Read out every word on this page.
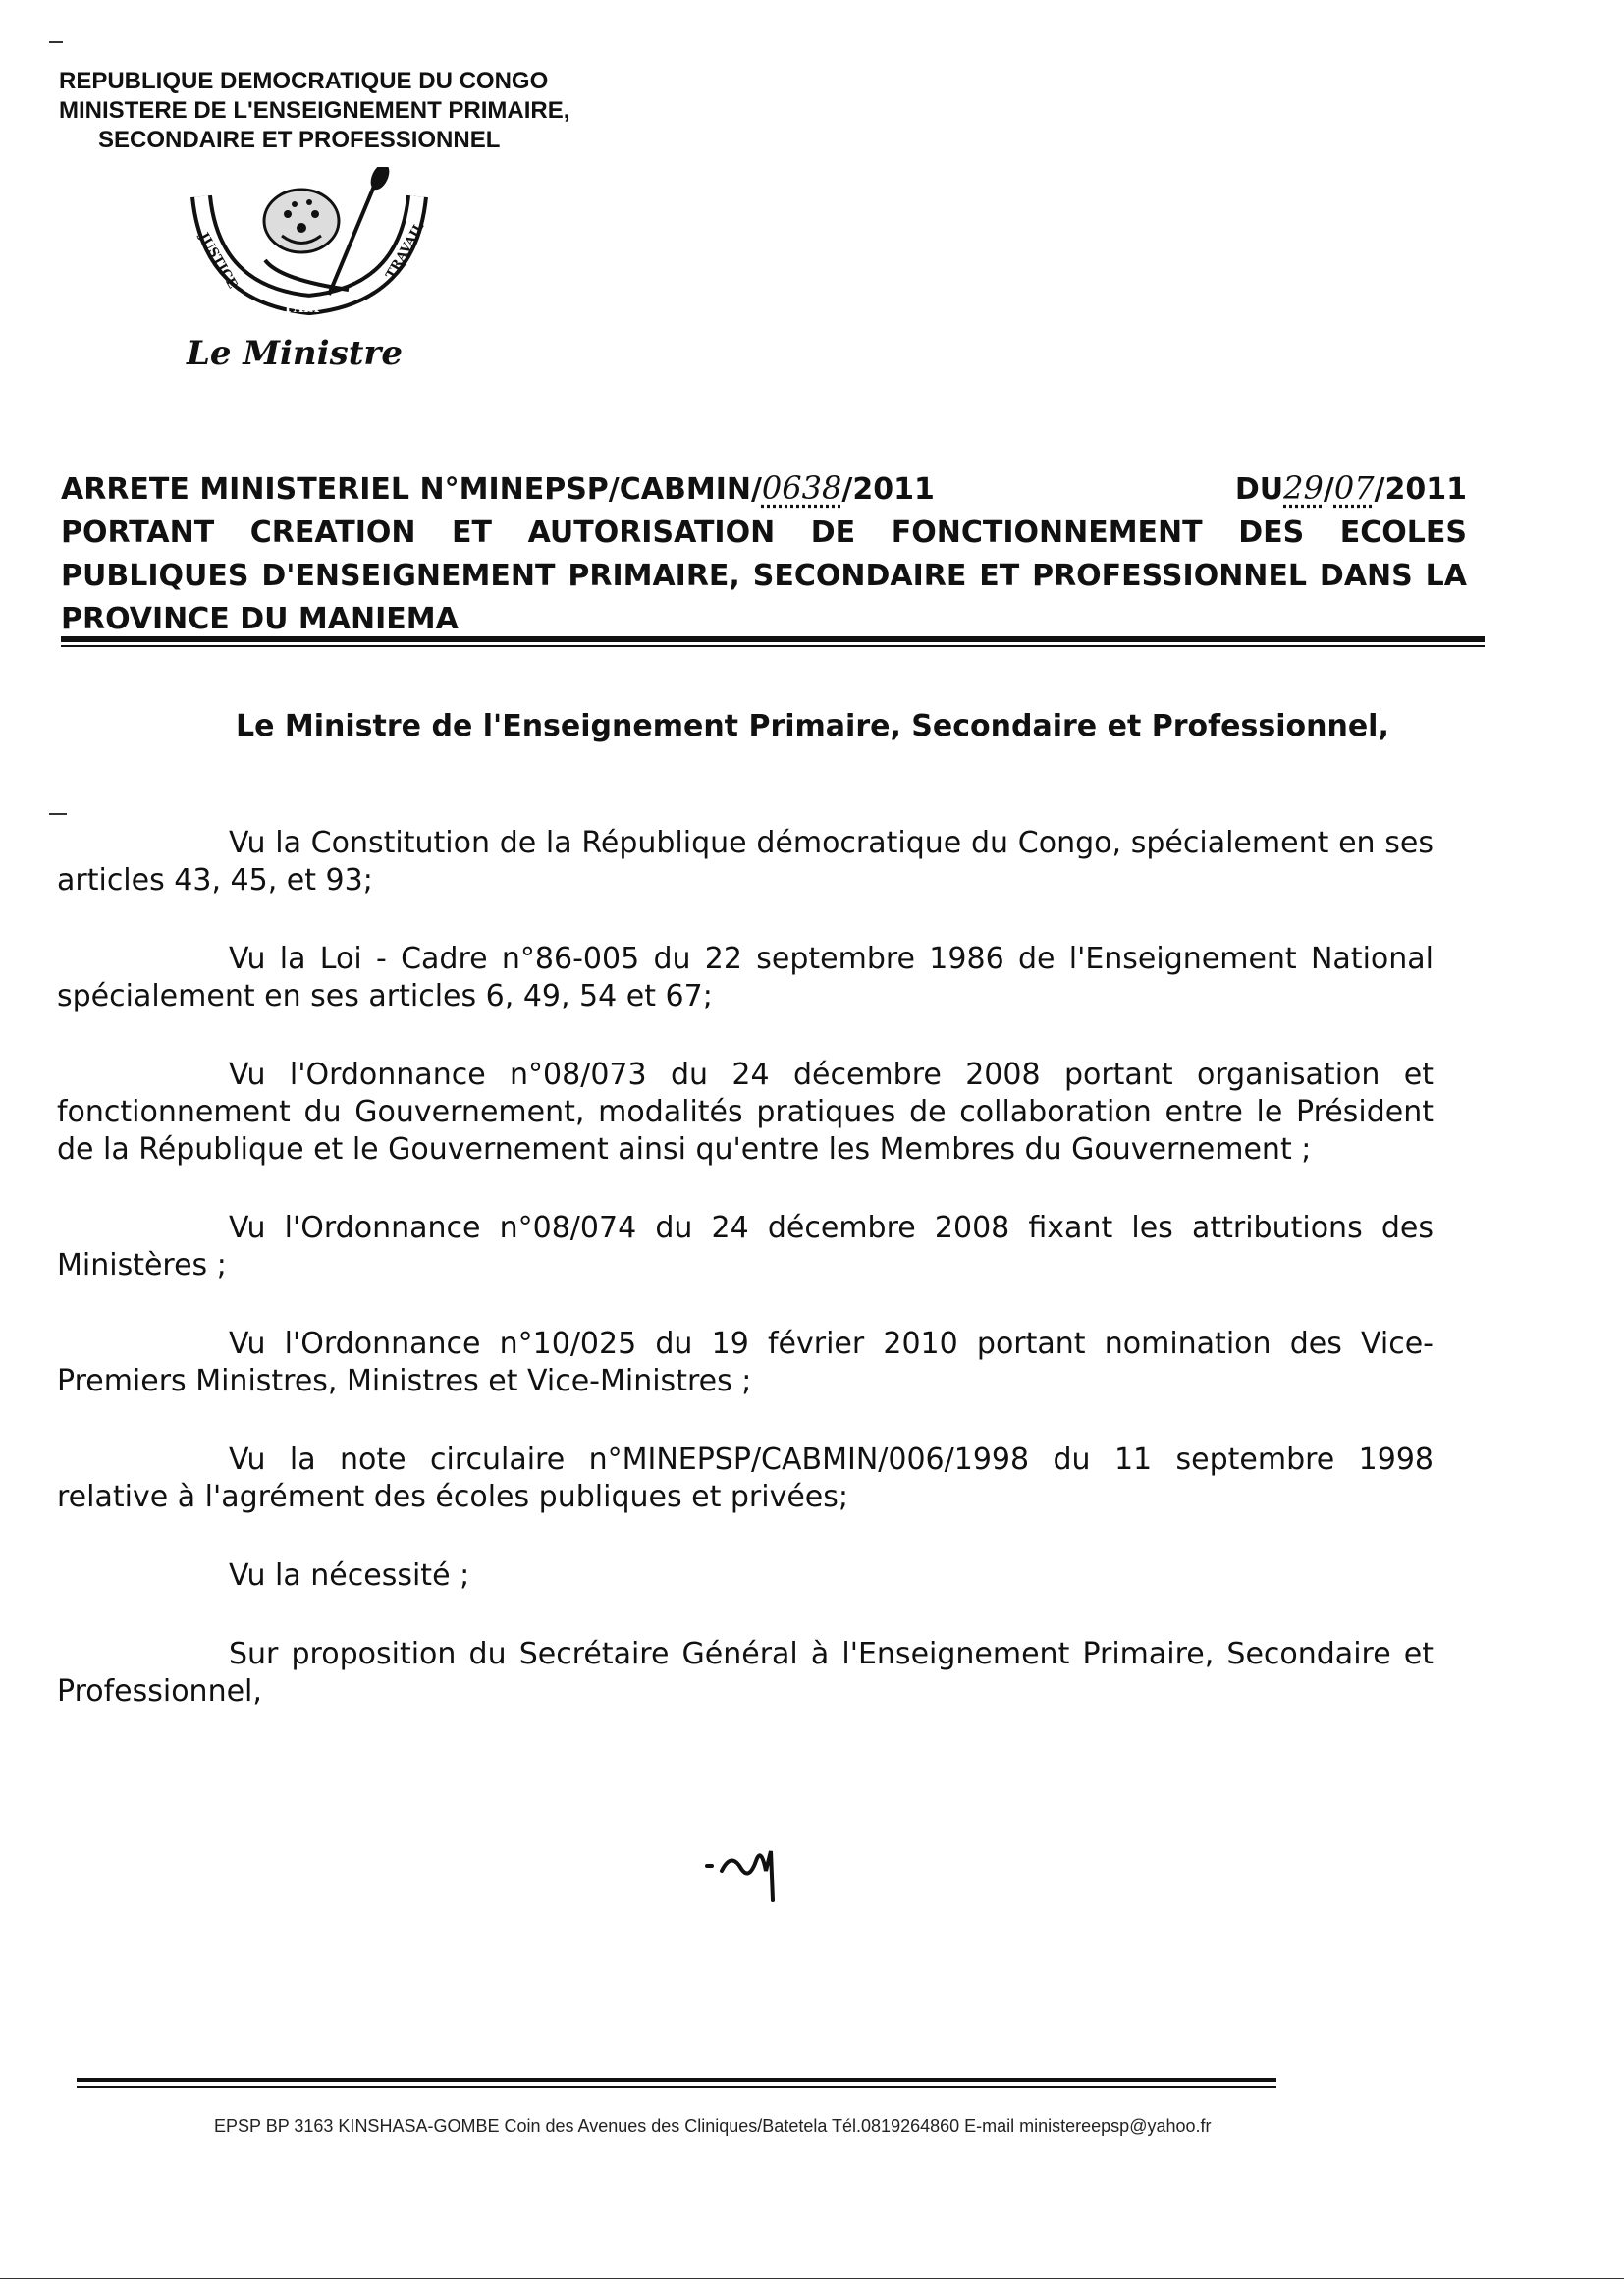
REPUBLIQUE DEMOCRATIQUE DU CONGO
MINISTERE DE L'ENSEIGNEMENT PRIMAIRE,
SECONDAIRE ET PROFESSIONNEL
JUSTICE
PAIX
TRAVAIL
Le Ministre
ARRETE MINISTERIEL N°MINEPSP/CABMIN/0638/2011	DU29/07/2011
PORTANT CREATION ET AUTORISATION DE FONCTIONNEMENT DES ECOLES PUBLIQUES D'ENSEIGNEMENT PRIMAIRE, SECONDAIRE ET PROFESSIONNEL DANS LA PROVINCE DU MANIEMA
Le Ministre de l'Enseignement Primaire, Secondaire et Professionnel,

Vu la Constitution de la République démocratique du Congo, spécialement en ses articles 43, 45, et 93;

Vu la Loi - Cadre n°86-005 du 22 septembre 1986 de l'Enseignement National spécialement en ses articles 6, 49, 54 et 67;

Vu l'Ordonnance n°08/073 du 24 décembre 2008 portant organisation et fonctionnement du Gouvernement, modalités pratiques de collaboration entre le Président de la République et le Gouvernement ainsi qu'entre les Membres du Gouvernement ;

Vu l'Ordonnance n°08/074 du 24 décembre 2008 fixant les attributions des Ministères ;

Vu l'Ordonnance n°10/025 du 19 février 2010 portant nomination des Vice-Premiers Ministres, Ministres et Vice-Ministres ;

Vu la note circulaire n°MINEPSP/CABMIN/006/1998 du 11 septembre 1998 relative à l'agrément des écoles publiques et privées;

Vu la nécessité ;

Sur proposition du Secrétaire Général à l'Enseignement Primaire, Secondaire et Professionnel,

EPSP BP 3163 KINSHASA-GOMBE Coin des Avenues des Cliniques/Batetela Tél.0819264860 E-mail ministereepsp@yahoo.fr
